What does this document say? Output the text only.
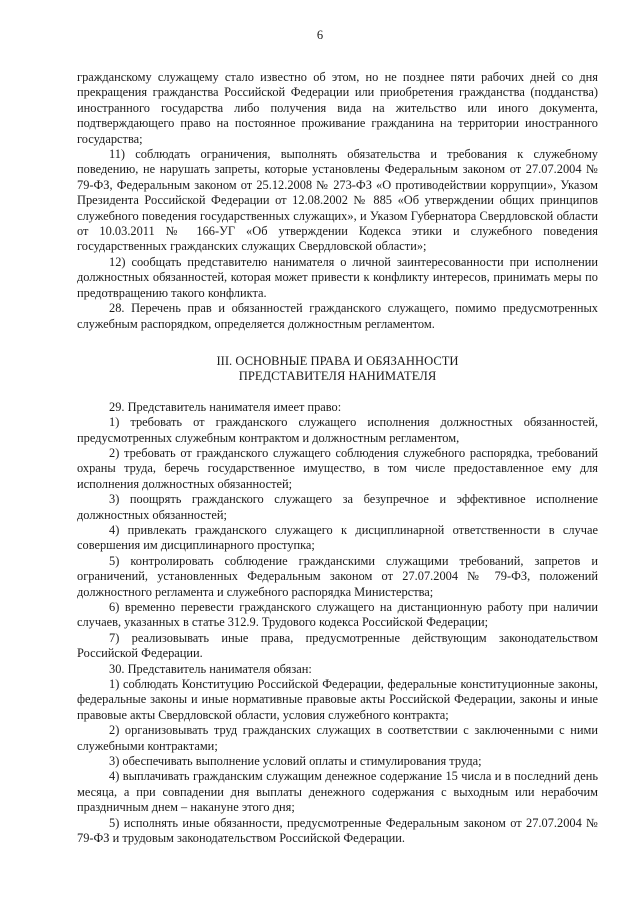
6

гражданскому служащему стало известно об этом, но не позднее пяти рабочих дней со дня прекращения гражданства Российской Федерации или приобретения гражданства (подданства) иностранного государства либо получения вида на жительство или иного документа, подтверждающего право на постоянное проживание гражданина на территории иностранного государства;

11) соблюдать ограничения, выполнять обязательства и требования к служебному поведению, не нарушать запреты, которые установлены Федеральным законом от 27.07.2004 № 79-ФЗ, Федеральным законом от 25.12.2008 № 273-ФЗ «О противодействии коррупции», Указом Президента Российской Федерации от 12.08.2002 № 885 «Об утверждении общих принципов служебного поведения государственных служащих», и Указом Губернатора Свердловской области от 10.03.2011 № 166-УГ «Об утверждении Кодекса этики и служебного поведения государственных гражданских служащих Свердловской области»;

12) сообщать представителю нанимателя о личной заинтересованности при исполнении должностных обязанностей, которая может привести к конфликту интересов, принимать меры по предотвращению такого конфликта.

28. Перечень прав и обязанностей гражданского служащего, помимо предусмотренных служебным распорядком, определяется должностным регламентом.

III. ОСНОВНЫЕ ПРАВА И ОБЯЗАННОСТИ
ПРЕДСТАВИТЕЛЯ НАНИМАТЕЛЯ

29. Представитель нанимателя имеет право:

1) требовать от гражданского служащего исполнения должностных обязанностей, предусмотренных служебным контрактом и должностным регламентом,

2) требовать от гражданского служащего соблюдения служебного распорядка, требований охраны труда, беречь государственное имущество, в том числе предоставленное ему для исполнения должностных обязанностей;

3) поощрять гражданского служащего за безупречное и эффективное исполнение должностных обязанностей;

4) привлекать гражданского служащего к дисциплинарной ответственности в случае совершения им дисциплинарного проступка;

5) контролировать соблюдение гражданскими служащими требований, запретов и ограничений, установленных Федеральным законом от 27.07.2004 № 79-ФЗ, положений должностного регламента и служебного распорядка Министерства;

6) временно перевести гражданского служащего на дистанционную работу при наличии случаев, указанных в статье 312.9. Трудового кодекса Российской Федерации;

7) реализовывать иные права, предусмотренные действующим законодательством Российской Федерации.

30. Представитель нанимателя обязан:

1) соблюдать Конституцию Российской Федерации, федеральные конституционные законы, федеральные законы и иные нормативные правовые акты Российской Федерации, законы и иные правовые акты Свердловской области, условия служебного контракта;

2) организовывать труд гражданских служащих в соответствии с заключенными с ними служебными контрактами;

3) обеспечивать выполнение условий оплаты и стимулирования труда;

4) выплачивать гражданским служащим денежное содержание 15 числа и в последний день месяца, а при совпадении дня выплаты денежного содержания с выходным или нерабочим праздничным днем – накануне этого дня;

5) исполнять иные обязанности, предусмотренные Федеральным законом от 27.07.2004 № 79-ФЗ и трудовым законодательством Российской Федерации.
